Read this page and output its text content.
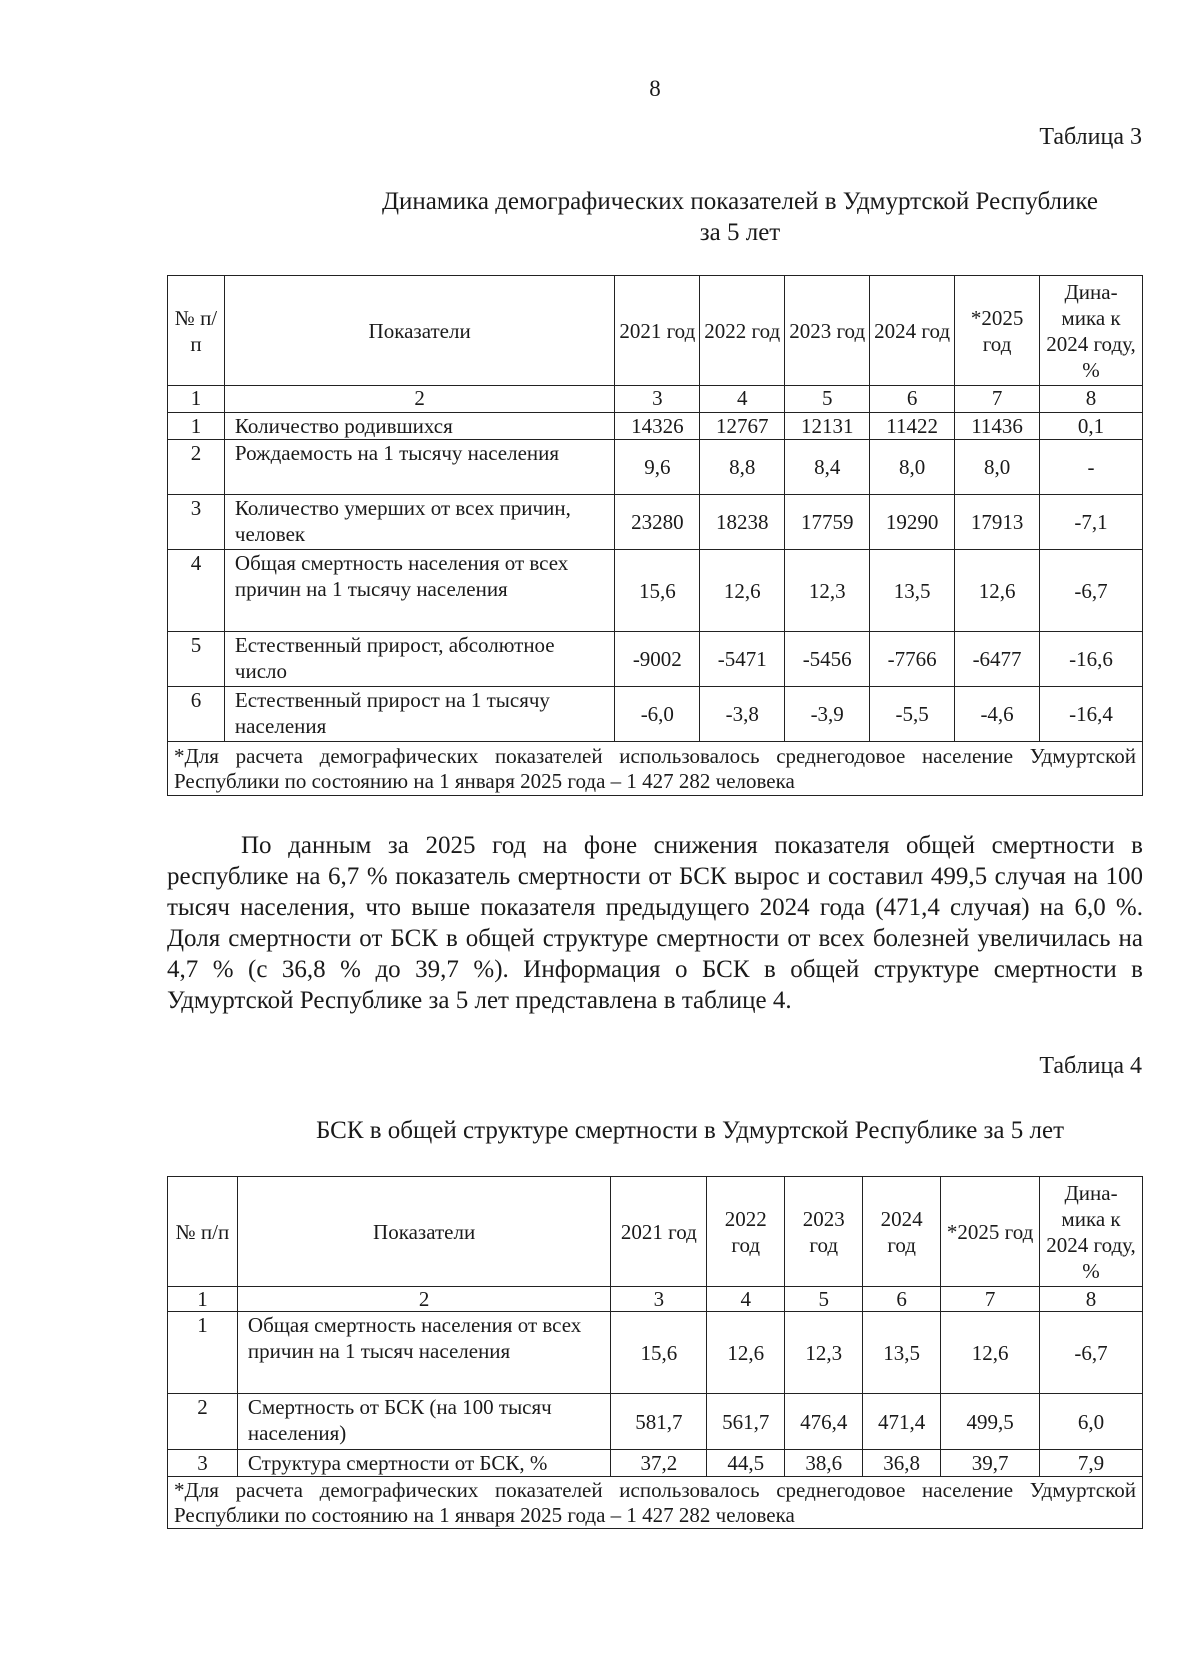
8
Таблица 3
Динамика демографических показателей в Удмуртской Республике
за 5 лет
№ п/п	Показатели	2021 год	2022 год	2023 год	2024 год	*2025 год	Дина-мика к 2024 году, %
1	2	3	4	5	6	7	8
1	Количество родившихся	14326	12767	12131	11422	11436	0,1
2	Рождаемость на 1 тысячу населения	9,6	8,8	8,4	8,0	8,0	-
3	Количество умерших от всех причин, человек	23280	18238	17759	19290	17913	-7,1
4	Общая смертность населения от всех причин на 1 тысячу населения	15,6	12,6	12,3	13,5	12,6	-6,7
5	Естественный прирост, абсолютное число	-9002	-5471	-5456	-7766	-6477	-16,6
6	Естественный прирост на 1 тысячу населения	-6,0	-3,8	-3,9	-5,5	-4,6	-16,4
*Для расчета демографических показателей использовалось среднегодовое население Удмуртской Республики по состоянию на 1 января 2025 года – 1 427 282 человека							

По данным за 2025 год на фоне снижения показателя общей смертности в республике на 6,7 % показатель смертности от БСК вырос и составил 499,5 случая на 100 тысяч населения, что выше показателя предыдущего 2024 года (471,4 случая) на 6,0 %. Доля смертности от БСК в общей структуре смертности от всех болезней увеличилась на 4,7 % (с 36,8 % до 39,7 %). Информация о БСК в общей структуре смертности в Удмуртской Республике за 5 лет представлена в таблице 4.

Таблица 4
БСК в общей структуре смертности в Удмуртской Республике за 5 лет
№ п/п	Показатели	2021 год	2022 год	2023 год	2024 год	*2025 год	Дина-мика к 2024 году, %
1	2	3	4	5	6	7	8
1	Общая смертность населения от всех причин на 1 тысяч населения	15,6	12,6	12,3	13,5	12,6	-6,7
2	Смертность от БСК (на 100 тысяч населения)	581,7	561,7	476,4	471,4	499,5	6,0
3	Структура смертности от БСК, %	37,2	44,5	38,6	36,8	39,7	7,9
*Для расчета демографических показателей использовалось среднегодовое население Удмуртской Республики по состоянию на 1 января 2025 года – 1 427 282 человека							
